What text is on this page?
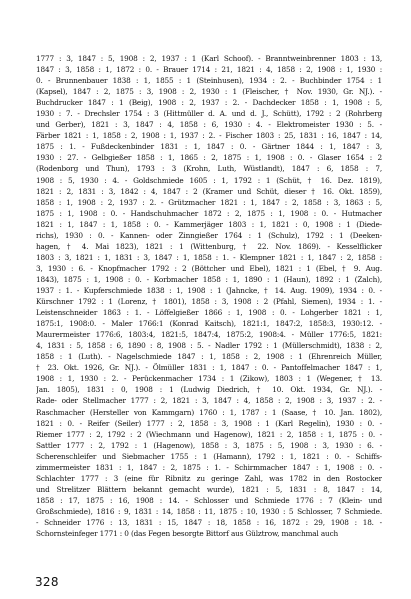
1777 : 3, 1847 : 5, 1908 : 2, 1937 : 1 (Karl Schoof). - Branntweinbrenner 1803 : 13,
1847 : 3, 1858 : 1, 1872 : 0. - Brauer 1714 : 21, 1821 : 4, 1858 : 2, 1908 : 1, 1930 :
0. - Brunnenbauer 1838 : 1, 1855 : 1 (Steinhusen), 1934 : 2. - Buchbinder 1754 : 1
(Kapsel), 1847 : 2, 1875 : 3, 1908 : 2, 1930 : 1 (Fleischer, † Nov. 1930, Gr. NJ.). -
Buchdrucker 1847 : 1 (Beig), 1908 : 2, 1937 : 2. - Dachdecker 1858 : 1, 1908 : 5,
1930 : 7. - Drechsler 1754 : 3 (Hittmüller d. A. und d. J., Schütt), 1792 : 2 (Rohrberg
und Gerber), 1821 : 3, 1847 : 4, 1858 : 6, 1930 : 4. - Elektromeister 1930 : 5. -
Färber 1821 : 1, 1858 : 2, 1908 : 1, 1937 : 2. - Fischer 1803 : 25, 1831 : 16, 1847 : 14,
1875 : 1. - Fußdeckenbinder 1831 : 1, 1847 : 0. - Gärtner 1844 : 1, 1847 : 3,
1930 : 27. - Gelbgießer 1858 : 1, 1865 : 2, 1875 : 1, 1908 : 0. - Glaser 1654 : 2
(Rodenborg und Thun), 1793 : 3 (Krohn, Luth, Wüstlandt), 1847 : 6, 1858 : 7,
1908 : 5, 1930 : 4. - Goldschmiede 1605 : 1, 1792 : 1 (Schüt, † 16. Dez. 1819),
1821 : 2, 1831 : 3, 1842 : 4, 1847 : 2 (Kramer und Schüt, dieser † 16. Okt. 1859),
1858 : 1, 1908 : 2, 1937 : 2. - Grützmacher 1821 : 1, 1847 : 2, 1858 : 3, 1863 : 5,
1875 : 1, 1908 : 0. - Handschuhmacher 1872 : 2, 1875 : 1, 1908 : 0. - Hutmacher
1821 : 1, 1847 : 1, 1858 : 0. - Kammerjäger 1803 : 1, 1821 : 0, 1908 : 1 (Diede-
richs), 1930 : 0. - Kannen- oder Zinngießer 1764 : 1 (Schulz), 1792 : 1 (Deeken-
hagen, † 4. Mai 1823), 1821 : 1 (Wittenburg, † 22. Nov. 1869). - Kesselflicker
1803 : 3, 1821 : 1, 1831 : 3, 1847 : 1, 1858 : 1. - Klempner 1821 : 1, 1847 : 2, 1858 :
3, 1930 : 6. - Knopfmacher 1792 : 2 (Böttcher und Ebel), 1821 : 1 (Ebel, † 9. Aug.
1843), 1875 : 1, 1908 : 0. - Korbmacher 1858 : 1, 1890 : 1 (Haun), 1892 : 1 (Zalch),
1937 : 1. - Kupferschmiede 1838 : 1, 1908 : 1 (Jahncke, † 14. Aug. 1909), 1934 : 0. -
Kürschner 1792 : 1 (Lorenz, † 1801), 1858 : 3, 1908 : 2 (Pfahl, Siemen), 1934 : 1. -
Leistenschneider 1863 : 1. - Löffelgießer 1866 : 1, 1908 : 0. - Lohgerber 1821 : 1,
1875:1, 1908:0. - Maler 1766:1 (Konrad Kaitsch), 1821:1, 1847:2, 1858:3, 1930:12. -
Maurermeister 1776:6, 1803:4, 1821:5, 1847:4, 1875:2, 1908:4. - Müller 1776:5, 1821:
4, 1831 : 5, 1858 : 6, 1890 : 8, 1908 : 5. - Nadler 1792 : 1 (Müllerschmidt), 1838 : 2,
1858 : 1 (Luth). - Nagelschmiede 1847 : 1, 1858 : 2, 1908 : 1 (Ehrenreich Müller,
† 23. Okt. 1926, Gr. NJ.). - Ölmüller 1831 : 1, 1847 : 0. - Pantoffelmacher 1847 : 1,
1908 : 1, 1930 : 2. - Perückenmacher 1734 : 1 (Zikow), 1803 : 1 (Wegener, † 13.
Jan. 1805), 1831 : 0, 1908 : 1 (Ludwig Diedrich, † 10. Okt. 1934, Gr. NJ.). -
Rade- oder Stellmacher 1777 : 2, 1821 : 3, 1847 : 4, 1858 : 2, 1908 : 3, 1937 : 2. -
Raschmacher (Hersteller von Kammgarn) 1760 : 1, 1787 : 1 (Saase, † 10. Jan. 1802),
1821 : 0. - Reifer (Seiler) 1777 : 2, 1858 : 3, 1908 : 1 (Karl Regelin), 1930 : 0. -
Riemer 1777 : 2, 1792 : 2 (Wiechmann und Hagenow), 1821 : 2, 1858 : 1, 1875 : 0. -
Sattler 1777 : 2, 1792 : 1 (Hagenow), 1858 : 3, 1875 : 5, 1908 : 3, 1930 : 6. -
Scherenschleifer und Siebmacher 1755 : 1 (Hamann), 1792 : 1, 1821 : 0. - Schiffs-
zimmermeister 1831 : 1, 1847 : 2, 1875 : 1. - Schirmmacher 1847 : 1, 1908 : 0. -
Schlachter 1777 : 3 (eine für Ribnitz zu geringe Zahl, was 1782 in den Rostocker
und Strelitzer Blättern bekannt gemacht wurde), 1821 : 5, 1831 : 8, 1847 : 14,
1858 : 17, 1875 : 16, 1908 : 14. - Schlosser und Schmiede 1776 : 7 (Klein- und
Großschmiede), 1816 : 9, 1831 : 14, 1858 : 11, 1875 : 10, 1930 : 5 Schlosser, 7 Schmiede.
- Schneider 1776 : 13, 1831 : 15, 1847 : 18, 1858 : 16, 1872 : 29, 1908 : 18. -
Schornsteinfeger 1771 : 0 (das Fegen besorgte Bittorf aus Gülztrow, manchmal auch
328
